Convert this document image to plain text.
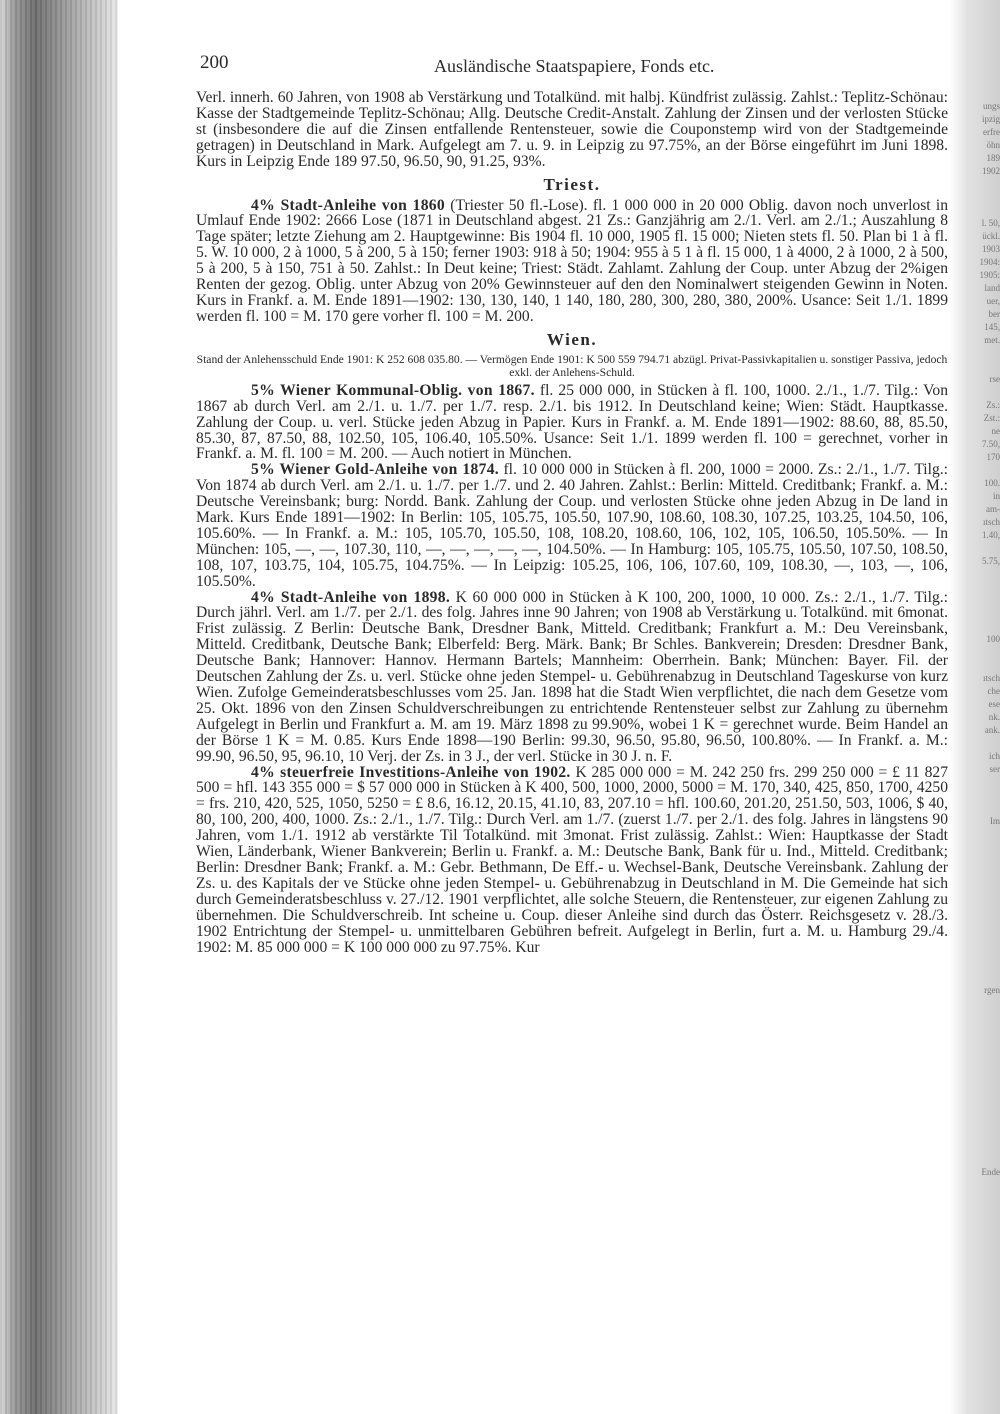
ungs
ipzig
erfre
öhn
189
1902

l. 50,
ückl.
1903
1904:
1905:
land
uer,
ber
145,
met.

rse

Zs.:
Zst.:
ne
7.50,
170

100.
in
am-
ıtsch
1.40,

5.75,

100

ıtsch
che
ese
nk.
ank.

ich
ser

Im

rgen

Ende
200	Ausländische Staatspapiere, Fonds etc.

Verl. innerh. 60 Jahren, von 1908 ab Verstärkung und Totalkünd. mit halbj. Kündfrist zulässig. Zahlst.: Teplitz-Schönau: Kasse der Stadtgemeinde Teplitz-Schönau; Allg. Deutsche Credit-Anstalt. Zahlung der Zinsen und der verlosten Stücke st (insbesondere die auf die Zinsen entfallende Rentensteuer, sowie die Couponstemp wird von der Stadtgemeinde getragen) in Deutschland in Mark. Aufgelegt am 7. u. 9. in Leipzig zu 97.75%, an der Börse eingeführt im Juni 1898. Kurs in Leipzig Ende 189 97.50, 96.50, 90, 91.25, 93%.

Triest.

4% Stadt-Anleihe von 1860 (Triester 50 fl.-Lose). fl. 1 000 000 in 20 000 Oblig. davon noch unverlost in Umlauf Ende 1902: 2666 Lose (1871 in Deutschland abgest. 21 Zs.: Ganzjährig am 2./1. Verl. am 2./1.; Auszahlung 8 Tage später; letzte Ziehung am 2. Hauptgewinne: Bis 1904 fl. 10 000, 1905 fl. 15 000; Nieten stets fl. 50. Plan bi 1 à fl. 5. W. 10 000, 2 à 1000, 5 à 200, 5 à 150; ferner 1903: 918 à 50; 1904: 955 à 5 1 à fl. 15 000, 1 à 4000, 2 à 1000, 2 à 500, 5 à 200, 5 à 150, 751 à 50. Zahlst.: In Deut keine; Triest: Städt. Zahlamt. Zahlung der Coup. unter Abzug der 2%igen Renten der gezog. Oblig. unter Abzug von 20% Gewinnsteuer auf den den Nominalwert steigenden Gewinn in Noten. Kurs in Frankf. a. M. Ende 1891—1902: 130, 130, 140, 1 140, 180, 280, 300, 280, 380, 200%. Usance: Seit 1./1. 1899 werden fl. 100 = M. 170 gere vorher fl. 100 = M. 200.

Wien.
Stand der Anlehensschuld Ende 1901: K 252 608 035.80. — Vermögen Ende 1901: K 500 559 794.71 abzügl. Privat-Passivkapitalien u. sonstiger Passiva, jedoch exkl. der Anlehens-Schuld.

5% Wiener Kommunal-Oblig. von 1867. fl. 25 000 000, in Stücken à fl. 100, 1000. 2./1., 1./7. Tilg.: Von 1867 ab durch Verl. am 2./1. u. 1./7. per 1./7. resp. 2./1. bis 1912. In Deutschland keine; Wien: Städt. Hauptkasse. Zahlung der Coup. u. verl. Stücke jeden Abzug in Papier. Kurs in Frankf. a. M. Ende 1891—1902: 88.60, 88, 85.50, 85.30, 87, 87.50, 88, 102.50, 105, 106.40, 105.50%. Usance: Seit 1./1. 1899 werden fl. 100 = gerechnet, vorher in Frankf. a. M. fl. 100 = M. 200. — Auch notiert in München.

5% Wiener Gold-Anleihe von 1874. fl. 10 000 000 in Stücken à fl. 200, 1000 = 2000. Zs.: 2./1., 1./7. Tilg.: Von 1874 ab durch Verl. am 2./1. u. 1./7. per 1./7. und 2. 40 Jahren. Zahlst.: Berlin: Mitteld. Creditbank; Frankf. a. M.: Deutsche Vereinsbank; burg: Nordd. Bank. Zahlung der Coup. und verlosten Stücke ohne jeden Abzug in De land in Mark. Kurs Ende 1891—1902: In Berlin: 105, 105.75, 105.50, 107.90, 108.60, 108.30, 107.25, 103.25, 104.50, 106, 105.60%. — In Frankf. a. M.: 105, 105.70, 105.50, 108, 108.20, 108.60, 106, 102, 105, 106.50, 105.50%. — In München: 105, —, —, 107.30, 110, —, —, —, —, —, 104.50%. — In Hamburg: 105, 105.75, 105.50, 107.50, 108.50, 108, 107, 103.75, 104, 105.75, 104.75%. — In Leipzig: 105.25, 106, 106, 107.60, 109, 108.30, —, 103, —, 106, 105.50%.

4% Stadt-Anleihe von 1898. K 60 000 000 in Stücken à K 100, 200, 1000, 10 000. Zs.: 2./1., 1./7. Tilg.: Durch jährl. Verl. am 1./7. per 2./1. des folg. Jahres inne 90 Jahren; von 1908 ab Verstärkung u. Totalkünd. mit 6monat. Frist zulässig. Z Berlin: Deutsche Bank, Dresdner Bank, Mitteld. Creditbank; Frankfurt a. M.: Deu Vereinsbank, Mitteld. Creditbank, Deutsche Bank; Elberfeld: Berg. Märk. Bank; Br Schles. Bankverein; Dresden: Dresdner Bank, Deutsche Bank; Hannover: Hannov. Hermann Bartels; Mannheim: Oberrhein. Bank; München: Bayer. Fil. der Deutschen Zahlung der Zs. u. verl. Stücke ohne jeden Stempel- u. Gebührenabzug in Deutschland Tageskurse von kurz Wien. Zufolge Gemeinderatsbeschlusses vom 25. Jan. 1898 hat die Stadt Wien verpflichtet, die nach dem Gesetze vom 25. Okt. 1896 von den Zinsen Schuldverschreibungen zu entrichtende Rentensteuer selbst zur Zahlung zu übernehm Aufgelegt in Berlin und Frankfurt a. M. am 19. März 1898 zu 99.90%, wobei 1 K = gerechnet wurde. Beim Handel an der Börse 1 K = M. 0.85. Kurs Ende 1898—190 Berlin: 99.30, 96.50, 95.80, 96.50, 100.80%. — In Frankf. a. M.: 99.90, 96.50, 95, 96.10, 10 Verj. der Zs. in 3 J., der verl. Stücke in 30 J. n. F.

4% steuerfreie Investitions-Anleihe von 1902. K 285 000 000 = M. 242 250 frs. 299 250 000 = £ 11 827 500 = hfl. 143 355 000 = $ 57 000 000 in Stücken à K 400, 500, 1000, 2000, 5000 = M. 170, 340, 425, 850, 1700, 4250 = frs. 210, 420, 525, 1050, 5250 = £ 8.6, 16.12, 20.15, 41.10, 83, 207.10 = hfl. 100.60, 201.20, 251.50, 503, 1006, $ 40, 80, 100, 200, 400, 1000. Zs.: 2./1., 1./7. Tilg.: Durch Verl. am 1./7. (zuerst 1./7. per 2./1. des folg. Jahres in längstens 90 Jahren, vom 1./1. 1912 ab verstärkte Til Totalkünd. mit 3monat. Frist zulässig. Zahlst.: Wien: Hauptkasse der Stadt Wien, Länderbank, Wiener Bankverein; Berlin u. Frankf. a. M.: Deutsche Bank, Bank für u. Ind., Mitteld. Creditbank; Berlin: Dresdner Bank; Frankf. a. M.: Gebr. Bethmann, De Eff.- u. Wechsel-Bank, Deutsche Vereinsbank. Zahlung der Zs. u. des Kapitals der ve Stücke ohne jeden Stempel- u. Gebührenabzug in Deutschland in M. Die Gemeinde hat sich durch Gemeinderatsbeschluss v. 27./12. 1901 verpflichtet, alle solche Steuern, die Rentensteuer, zur eigenen Zahlung zu übernehmen. Die Schuldverschreib. Int scheine u. Coup. dieser Anleihe sind durch das Österr. Reichsgesetz v. 28./3. 1902 Entrichtung der Stempel- u. unmittelbaren Gebühren befreit. Aufgelegt in Berlin, furt a. M. u. Hamburg 29./4. 1902: M. 85 000 000 = K 100 000 000 zu 97.75%. Kur
